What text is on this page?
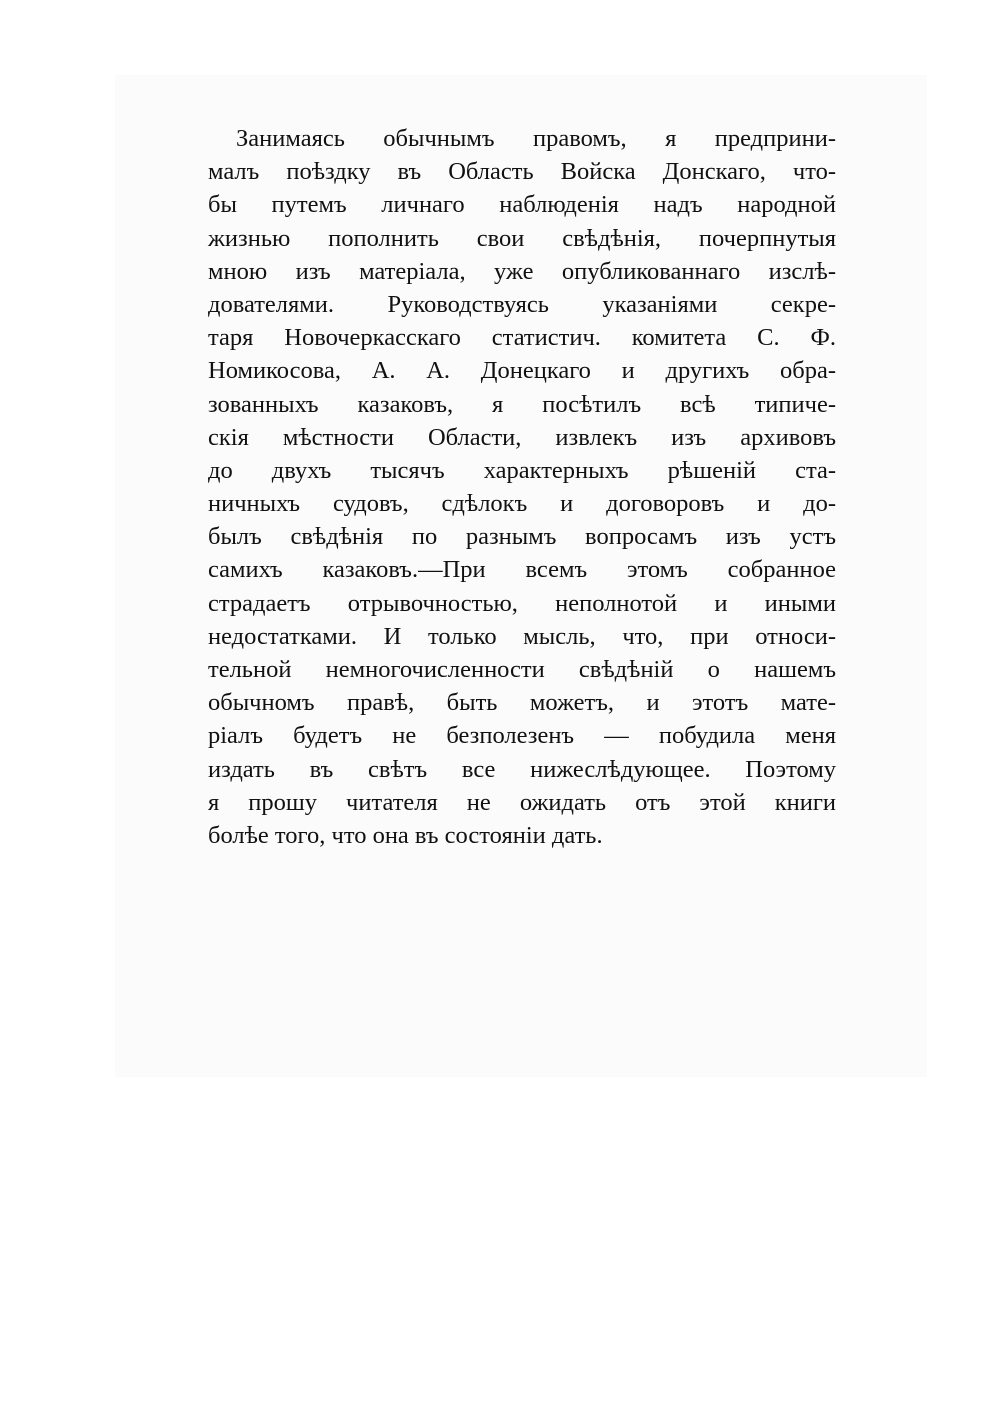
Занимаясь обычнымъ правомъ, я предприни-
малъ поѣздку въ Область Войска Донскаго, что-
бы путемъ личнаго наблюденія надъ народной
жизнью пополнить свои свѣдѣнія, почерпнутыя
мною изъ матеріала, уже опубликованнаго изслѣ-
дователями. Руководствуясь указаніями секре-
таря Новочеркасскаго статистич. комитета С. Ф.
Номикосова, А. А. Донецкаго и другихъ обра-
зованныхъ казаковъ, я посѣтилъ всѣ типиче-
скія мѣстности Области, извлекъ изъ архивовъ
до двухъ тысячъ характерныхъ рѣшеній ста-
ничныхъ судовъ, сдѣлокъ и договоровъ и до-
былъ свѣдѣнія по разнымъ вопросамъ изъ устъ
самихъ казаковъ.—При всемъ этомъ собранное
страдаетъ отрывочностью, неполнотой и иными
недостатками. И только мысль, что, при относи-
тельной немногочисленности свѣдѣній о нашемъ
обычномъ правѣ, быть можетъ, и этотъ мате-
ріалъ будетъ не безполезенъ — побудила меня
издать въ свѣтъ все нижеслѣдующее. Поэтому
я прошу читателя не ожидать отъ этой книги
болѣе того, что она въ состояніи дать.
